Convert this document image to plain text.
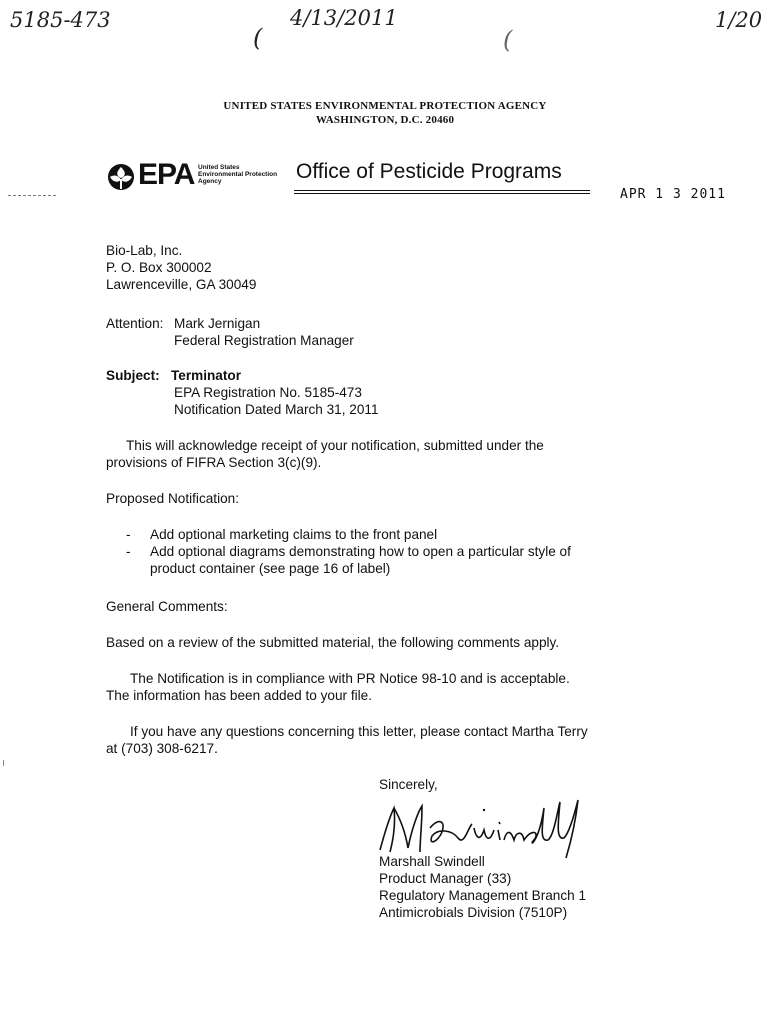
5185-473
(
4/13/2011
(
1/20
UNITED STATES ENVIRONMENTAL PROTECTION AGENCY
WASHINGTON, D.C. 20460
EPA United States
Environmental Protection
Agency	Office of Pesticide Programs
APR 1 3 2011
Bio-Lab, Inc.
P. O. Box 300002
Lawrenceville, GA 30049
Attention: Mark Jernigan
Federal Registration Manager
Subject: Terminator
EPA Registration No. 5185-473
Notification Dated March 31, 2011
This will acknowledge receipt of your notification, submitted under the
provisions of FIFRA Section 3(c)(9).
Proposed Notification:
-	Add optional marketing claims to the front panel
-	Add optional diagrams demonstrating how to open a particular style of
product container (see page 16 of label)
General Comments:
Based on a review of the submitted material, the following comments apply.
The Notification is in compliance with PR Notice 98-10 and is acceptable.
The information has been added to your file.
If you have any questions concerning this letter, please contact Martha Terry
at (703) 308-6217.
Sincerely,
Marshall Swindell
Product Manager (33)
Regulatory Management Branch 1
Antimicrobials Division (7510P)
